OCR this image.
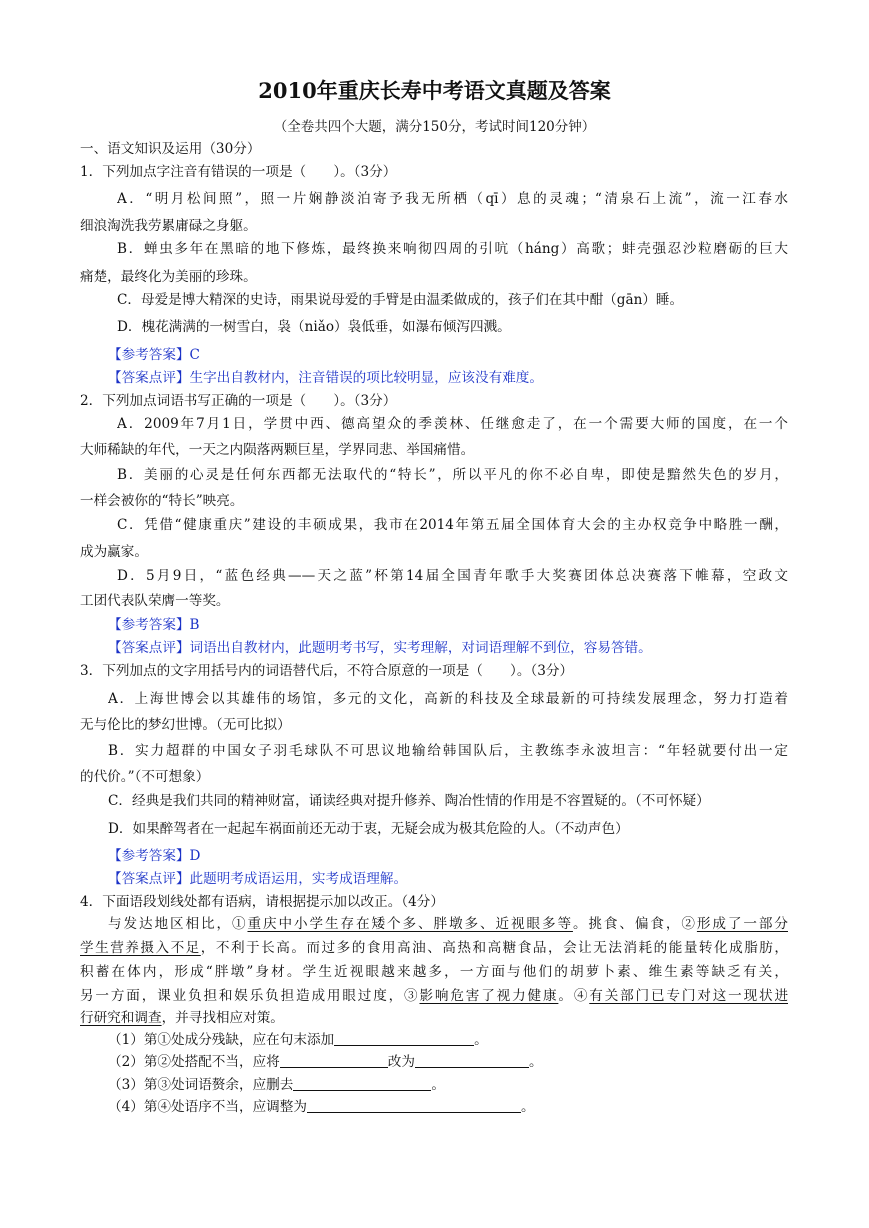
2010年重庆长寿中考语文真题及答案
（全卷共四个大题，满分150分，考试时间120分钟）
一、语文知识及运用（30分）
1．下列加点字注音有错误的一项是（　　）。（3分）
A．“明月松间照”，照一片娴静淡泊寄予我无所栖（qī）息的灵魂；“清泉石上流”，流一江春水
细浪淘洗我劳累庸碌之身躯。
B．蝉虫多年在黑暗的地下修炼，最终换来响彻四周的引吭（háng）高歌；蚌壳强忍沙粒磨砺的巨大
痛楚，最终化为美丽的珍珠。
C．母爱是博大精深的史诗，雨果说母爱的手臂是由温柔做成的，孩子们在其中酣（gān）睡。
D．槐花满满的一树雪白，袅（niǎo）袅低垂，如瀑布倾泻四溅。
【参考答案】C
【答案点评】生字出自教材内，注音错误的项比较明显，应该没有难度。
2．下列加点词语书写正确的一项是（　　）。（3分）
A．2009年7月1日，学贯中西、德高望众的季羡林、任继愈走了，在一个需要大师的国度，在一个
大师稀缺的年代，一天之内陨落两颗巨星，学界同悲、举国痛惜。
B．美丽的心灵是任何东西都无法取代的“特长”，所以平凡的你不必自卑，即使是黯然失色的岁月，
一样会被你的“特长”映亮。
C．凭借“健康重庆”建设的丰硕成果，我市在2014年第五届全国体育大会的主办权竞争中略胜一酬，
成为赢家。
D．5月9日，“蓝色经典——天之蓝”杯第14届全国青年歌手大奖赛团体总决赛落下帷幕，空政文
工团代表队荣膺一等奖。
【参考答案】B
【答案点评】词语出自教材内，此题明考书写，实考理解，对词语理解不到位，容易答错。
3．下列加点的文字用括号内的词语替代后，不符合原意的一项是（　　）。（3分）
A．上海世博会以其雄伟的场馆，多元的文化，高新的科技及全球最新的可持续发展理念，努力打造着
无与伦比的梦幻世博。（无可比拟）
B．实力超群的中国女子羽毛球队不可思议地输给韩国队后，主教练李永波坦言：“年轻就要付出一定
的代价。”（不可想象）
C．经典是我们共同的精神财富，诵读经典对提升修养、陶冶性情的作用是不容置疑的。（不可怀疑）
D．如果醉驾者在一起起车祸面前还无动于衷，无疑会成为极其危险的人。（不动声色）
【参考答案】D
【答案点评】此题明考成语运用，实考成语理解。
4．下面语段划线处都有语病，请根据提示加以改正。（4分）
与发达地区相比，①重庆中小学生存在矮个多、胖墩多、近视眼多等。挑食、偏食，②形成了一部分
学生营养摄入不足，不利于长高。而过多的食用高油、高热和高糖食品，会让无法消耗的能量转化成脂肪，
积蓄在体内，形成“胖墩”身材。学生近视眼越来越多，一方面与他们的胡萝卜素、维生素等缺乏有关，
另一方面，课业负担和娱乐负担造成用眼过度，③影响危害了视力健康。④有关部门已专门对这一现状进
行研究和调查，并寻找相应对策。
（1）第①处成分残缺，应在句末添加	。
（2）第②处搭配不当，应将	改为	。
（3）第③处词语赘余，应删去	。
（4）第④处语序不当，应调整为	。
